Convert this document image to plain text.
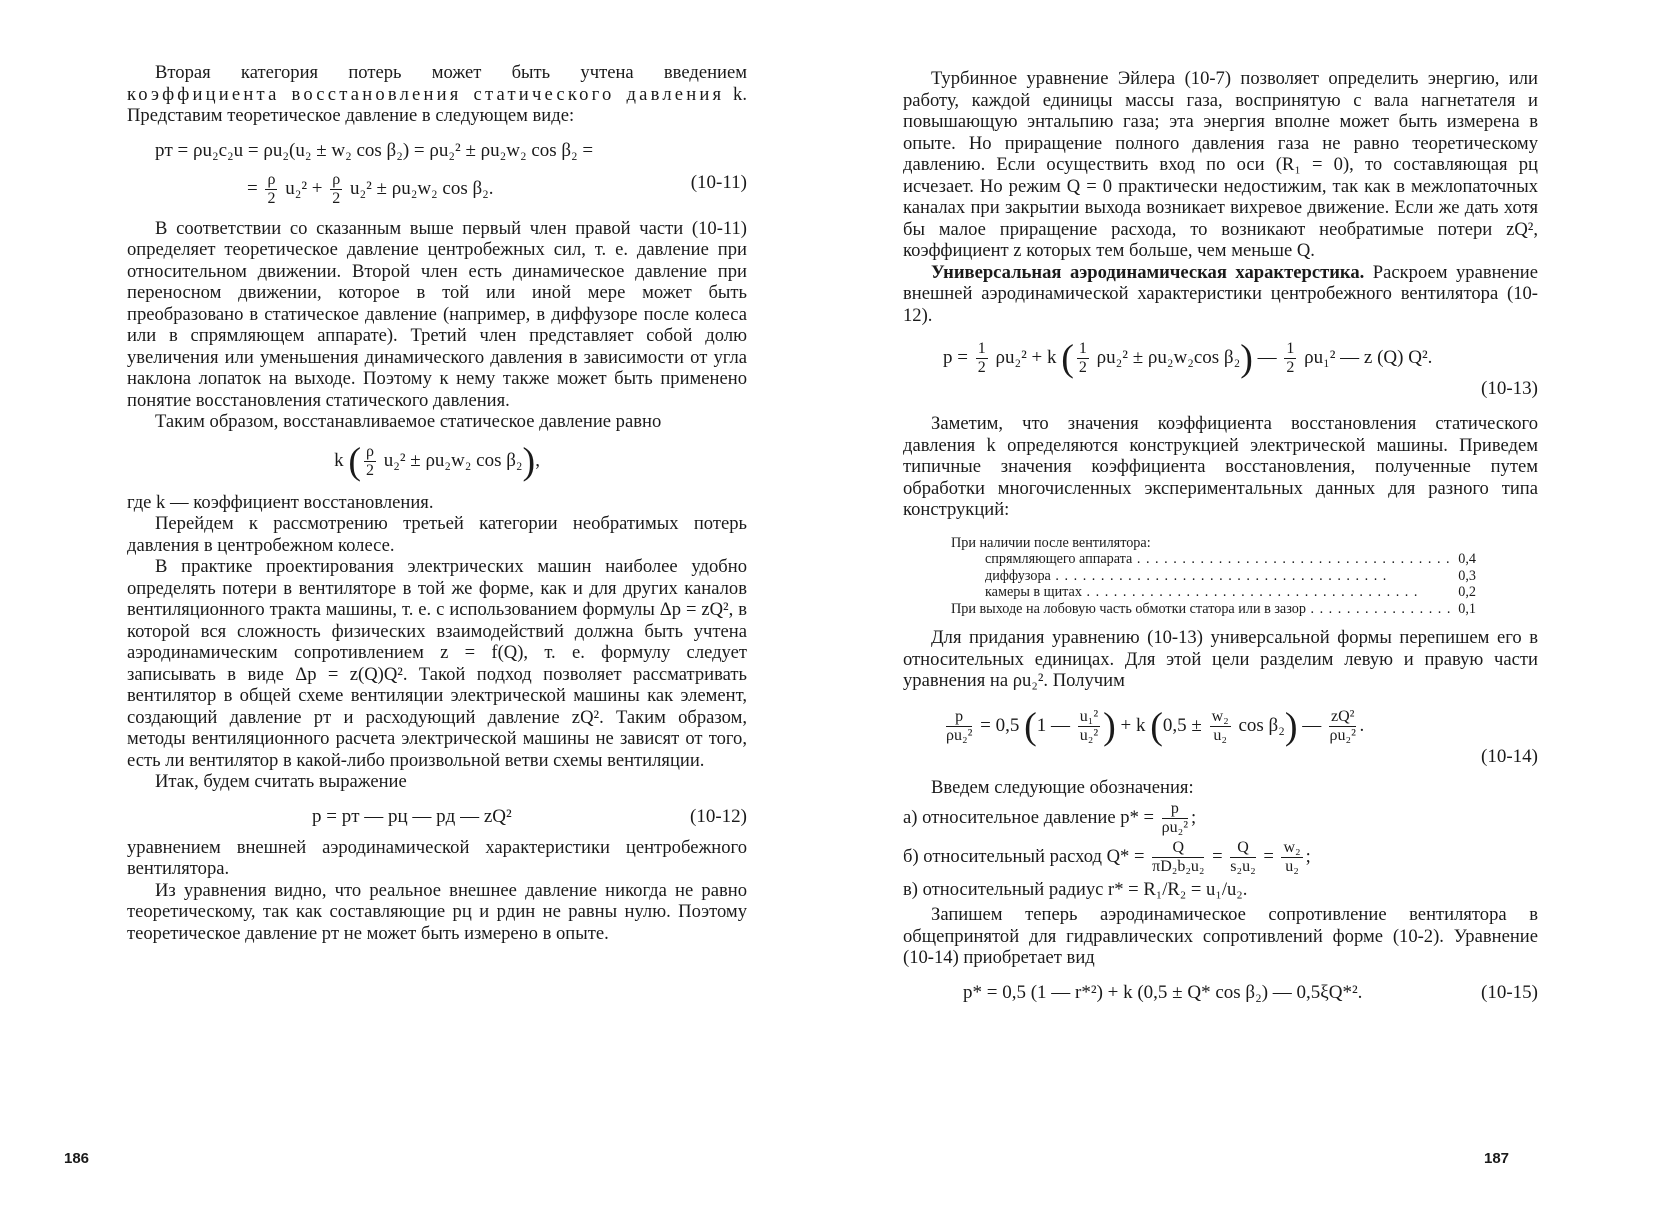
Вторая категория потерь может быть учтена введением коэффициента восстановления статического давления k. Представим теоретическое давление в следующем виде:

pт = ρu₂c₂u = ρu₂(u₂ ± w₂ cos β₂) = ρu₂² ± ρu₂w₂ cos β₂ =
= $\frac{\rho}{2} u_2^2 + \frac{\rho}{2} u_2^2 \pm \rho u_2w_2$ cos β₂.	(10-11)

В соответствии со сказанным выше первый член правой части (10-11) определяет теоретическое давление центробежных сил, т. е. давление при относительном движении. Второй член есть динамическое давление при переносном движении, которое в той или иной мере может быть преобразовано в статическое давление (например, в диффузоре после колеса или в спрямляющем аппарате). Третий член представляет собой долю увеличения или уменьшения динамического давления в зависимости от угла наклона лопаток на выходе. Поэтому к нему также может быть применено понятие восстановления статического давления.

Таким образом, восстанавливаемое статическое давление равно

k ( $\frac{\rho}{2} u_2^2 \pm \rho u_2w_2$ cos β₂),

где k — коэффициент восстановления.

Перейдем к рассмотрению третьей категории необратимых потерь давления в центробежном колесе.

В практике проектирования электрических машин наиболее удобно определять потери в вентиляторе в той же форме, как и для других каналов вентиляционного тракта машины, т. е. с использованием формулы Δp = zQ², в которой вся сложность физических взаимодействий должна быть учтена аэродинамическим сопротивлением z = f(Q), т. е. формулу следует записывать в виде Δp = z(Q)Q². Такой подход позволяет рассматривать вентилятор в общей схеме вентиляции электрической машины как элемент, создающий давление pт и расходующий давление zQ². Таким образом, методы вентиляционного расчета электрической машины не зависят от того, есть ли вентилятор в какой-либо произвольной ветви схемы вентиляции.

Итак, будем считать выражение

p = pт — pц — pд — zQ²	(10-12)

уравнением внешней аэродинамической характеристики центробежного вентилятора.

Из уравнения видно, что реальное внешнее давление никогда не равно теоретическому, так как составляющие pц и pдин не равны нулю. Поэтому теоретическое давление pт не может быть измерено в опыте.

186

Турбинное уравнение Эйлера (10-7) позволяет определить энергию, или работу, каждой единицы массы газа, воспринятую с вала нагнетателя и повышающую энтальпию газа; эта энергия вполне может быть измерена в опыте. Но приращение полного давления газа не равно теоретическому давлению. Если осуществить вход по оси (R₁ = 0), то составляющая pц исчезает. Но режим Q = 0 практически недостижим, так как в межлопаточных каналах при закрытии выхода возникает вихревое движение. Если же дать хотя бы малое приращение расхода, то возникают необратимые потери zQ², коэффициент z которых тем больше, чем меньше Q.

Универсальная аэродинамическая характерстика. Раскроем уравнение внешней аэродинамической характеристики центробежного вентилятора (10-12).

$p = \frac{1}{2} \rho u_2^2 + k$ ( $\frac{1}{2} \rho u_2^2 \pm \rho u_2w_2\cos$ β₂) — $\frac{1}{2} \rho u_1^2$ — z (Q) Q².
(10-13)

Заметим, что значения коэффициента восстановления статического давления k определяются конструкцией электрической машины. Приведем типичные значения коэффициента восстановления, полученные путем обработки многочисленных экспериментальных данных для разного типа конструкций:

При наличии после вентилятора:
спрямляющего аппарата . . .	0,4
диффузора . . .	0,3
камеры в щитах . . .	0,2
При выходе на лобовую часть обмотки статора или в зазор . . .	0,1

Для придания уравнению (10-13) универсальной формы перепишем его в относительных единицах. Для этой цели разделим левую и правую части уравнения на ρu₂². Получим

$\frac{p}{\text{ρu₂²}} = 0,5$ (1 — $\frac{\text{u₁²}}{\text{u₂²}}$ ) + k ($0,5 \pm \frac{\text{w₂}}{\text{u₂}}$ cos β₂) — $\frac{\text{zQ²}}{\text{ρu₂²}}$ .
(10-14)

Введем следующие обозначения:

а) относительное давление $p* = \frac{p}{\text{ρu₂²}}$ ;
б) относительный расход $Q* = \frac{Q}{\text{πD₂b₂u₂}} = \frac{Q}{\text{s₂u₂}} = \frac{\text{w₂}}{\text{u₂}}$ ;
в) относительный радиус r* = R₁/R₂ = u₁/u₂.

Запишем теперь аэродинамическое сопротивление вентилятора в общепринятой для гидравлических сопротивлений форме (10-2). Уравнение (10-14) приобретает вид

p* = 0,5 (1 — r*²) + k (0,5 ± Q* cos β₂) — 0,5ξQ*².	(10-15)
187
